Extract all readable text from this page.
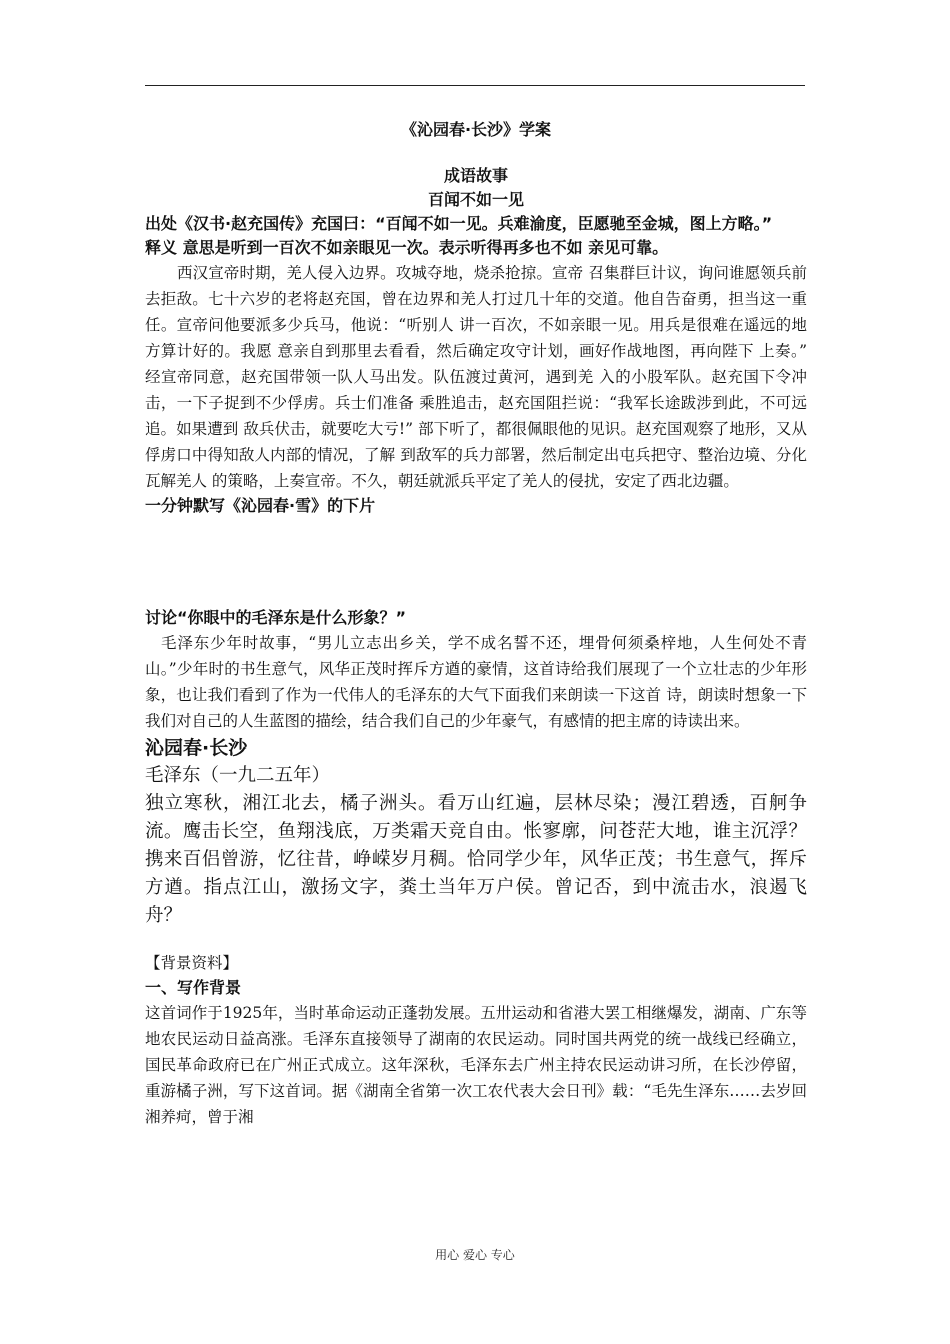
《沁园春·长沙》学案

成语故事

百闻不如一见

出处《汉书·赵充国传》充国曰：“百闻不如一见。兵难渝度，臣愿驰至金城，图上方略。”

释义 意思是听到一百次不如亲眼见一次。表示听得再多也不如 亲见可靠。

西汉宣帝时期，羌人侵入边界。攻城夺地，烧杀抢掠。宣帝 召集群巨计议，询问谁愿领兵前去拒敌。七十六岁的老将赵充国，曾在边界和羌人打过几十年的交道。他自告奋勇，担当这一重任。宣帝问他要派多少兵马，他说：“听别人 讲一百次，不如亲眼一见。用兵是很难在遥远的地方算计好的。我愿 意亲自到那里去看看，然后确定攻守计划，画好作战地图，再向陛下 上奏。” 经宣帝同意，赵充国带领一队人马出发。队伍渡过黄河，遇到羌 入的小股军队。赵充国下令冲击，一下子捉到不少俘虏。兵士们准备 乘胜追击，赵充国阻拦说：“我军长途跋涉到此，不可远追。如果遭到 敌兵伏击，就要吃大亏!” 部下听了，都很佩眼他的见识。赵充国观察了地形，又从俘虏口中得知敌人内部的情况，了解 到敌军的兵力部署，然后制定出屯兵把守、整治边境、分化瓦解羌人 的策略，上奏宣帝。不久，朝廷就派兵平定了羌人的侵扰，安定了西北边疆。

一分钟默写《沁园春·雪》的下片

讨论“你眼中的毛泽东是什么形象？”

毛泽东少年时故事，“男儿立志出乡关，学不成名誓不还，埋骨何须桑梓地，人生何处不青山。”少年时的书生意气，风华正茂时挥斥方遒的豪情，这首诗给我们展现了一个立壮志的少年形象，也让我们看到了作为一代伟人的毛泽东的大气下面我们来朗读一下这首 诗，朗读时想象一下我们对自己的人生蓝图的描绘，结合我们自己的少年豪气，有感情的把主席的诗读出来。

沁园春·长沙

毛泽东（一九二五年）

独立寒秋，湘江北去，橘子洲头。看万山红遍，层林尽染；漫江碧透，百舸争流。鹰击长空，鱼翔浅底，万类霜天竞自由。怅寥廓，问苍茫大地，谁主沉浮？　　携来百侣曾游，忆往昔，峥嵘岁月稠。恰同学少年，风华正茂；书生意气，挥斥方遒。指点江山，激扬文字，粪土当年万户侯。曾记否，到中流击水，浪遏飞舟？

【背景资料】

一、写作背景

这首词作于1925年，当时革命运动正蓬勃发展。五卅运动和省港大罢工相继爆发，湖南、广东等地农民运动日益高涨。毛泽东直接领导了湖南的农民运动。同时国共两党的统一战线已经确立，国民革命政府已在广州正式成立。这年深秋，毛泽东去广州主持农民运动讲习所，在长沙停留，重游橘子洲，写下这首词。据《湖南全省第一次工农代表大会日刊》载：“毛先生泽东……去岁回湘养疴，曾于湘

用心 爱心 专心
